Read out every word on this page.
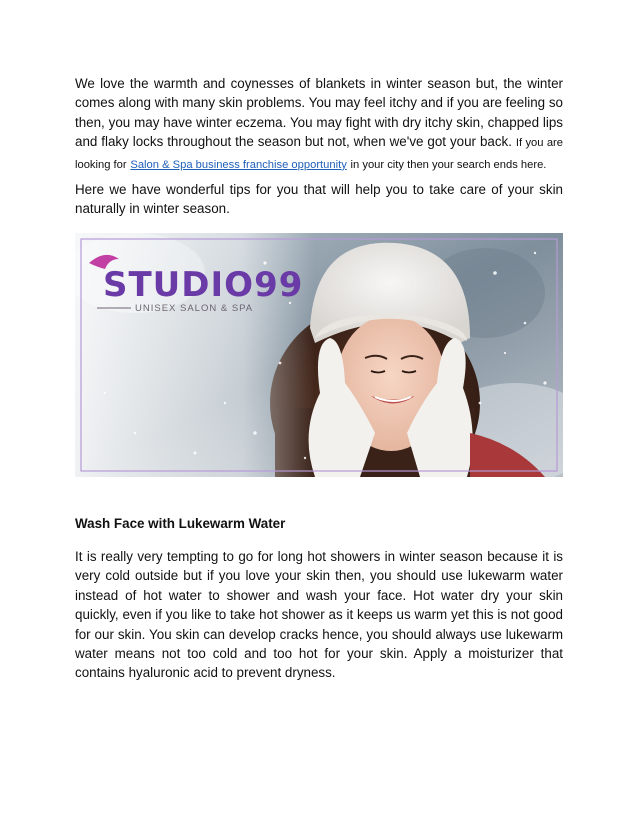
We love the warmth and coynesses of blankets in winter season but, the winter comes along with many skin problems. You may feel itchy and if you are feeling so then, you may have winter eczema. You may fight with dry itchy skin, chapped lips and flaky locks throughout the season but not, when we've got your back. If you are looking for Salon & Spa business franchise opportunity in your city then your search ends here.

Here we have wonderful tips for you that will help you to take care of your skin naturally in winter season.

STUDIO99
UNISEX SALON & SPA
Wash Face with Lukewarm Water

It is really very tempting to go for long hot showers in winter season because it is very cold outside but if you love your skin then, you should use lukewarm water instead of hot water to shower and wash your face. Hot water dry your skin quickly, even if you like to take hot shower as it keeps us warm yet this is not good for our skin. You skin can develop cracks hence, you should always use lukewarm water means not too cold and too hot for your skin. Apply a moisturizer that contains hyaluronic acid to prevent dryness.
